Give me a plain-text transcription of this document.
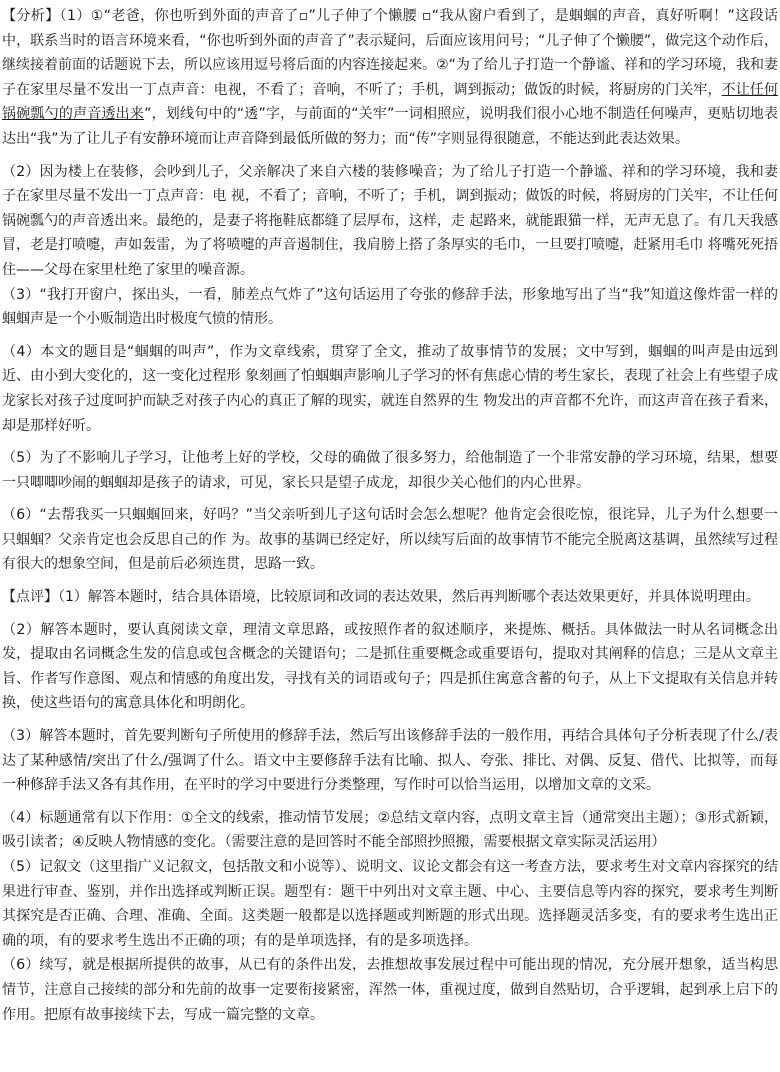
【分析】（1）①“老爸，你也听到外面的声音了▫”儿子伸了个懒腰 ▫“我从窗户看到了，是蝈蝈的声音，真好听啊！”这段话中，联系当时的语言环境来看，“你也听到外面的声音了”表示疑问，后面应该用问号；“儿子伸了个懒腰”，做完这个动作后，继续接着前面的话题说下去，所以应该用逗号将后面的内容连接起来。②“为了给儿子打造一个静谧、祥和的学习环境，我和妻子在家里尽量不发出一丁点声音：电视，不看了；音响，不听了；手机，调到振动；做饭的时候，将厨房的门关牢，不让任何锅碗瓢勺的声音透出来”，划线句中的“透”字，与前面的“关牢”一词相照应，说明我们很小心地不制造任何噪声，更贴切地表达出“我”为了让儿子有安静环境而让声音降到最低所做的努力；而“传”字则显得很随意，不能达到此表达效果。

（2）因为楼上在装修，会吵到儿子，父亲解决了来自六楼的装修噪音；为了给儿子打造一个静谧、祥和的学习环境，我和妻子在家里尽量不发出一丁点声音：电 视，不看了；音响，不听了；手机，调到振动；做饭的时候，将厨房的门关牢，不让任何锅碗瓢勺的声音透出来。最绝的，是妻子将拖鞋底都缝了层厚布，这样，走 起路来，就能跟猫一样，无声无息了。有几天我感冒，老是打喷嚏，声如轰雷，为了将喷嚏的声音遏制住，我肩膀上搭了条厚实的毛巾，一旦要打喷嚏，赶紧用毛巾 将嘴死死捂住——父母在家里杜绝了家里的噪音源。

（3）“我打开窗户，探出头，一看，肺差点气炸了”这句话运用了夸张的修辞手法，形象地写出了当“我”知道这像炸雷一样的蝈蝈声是一个小贩制造出时极度气愤的情形。

（4）本文的题目是“蝈蝈的叫声”，作为文章线索，贯穿了全文，推动了故事情节的发展；文中写到，蝈蝈的叫声是由远到近、由小到大变化的，这一变化过程形 象刻画了怕蝈蝈声影响儿子学习的怀有焦虑心情的考生家长，表现了社会上有些望子成龙家长对孩子过度呵护而缺乏对孩子内心的真正了解的现实，就连自然界的生 物发出的声音都不允许，而这声音在孩子看来，却是那样好听。

（5）为了不影响儿子学习，让他考上好的学校，父母的确做了很多努力，给他制造了一个非常安静的学习环境，结果，想要一只唧唧吵闹的蝈蝈却是孩子的请求，可见，家长只是望子成龙，却很少关心他们的内心世界。

（6）“去帮我买一只蝈蝈回来，好吗？”当父亲听到儿子这句话时会怎么想呢？他肯定会很吃惊，很诧异，儿子为什么想要一只蝈蝈？父亲肯定也会反思自己的作 为。故事的基调已经定好，所以续写后面的故事情节不能完全脱离这基调，虽然续写过程有很大的想象空间，但是前后必须连贯，思路一致。

【点评】（1）解答本题时，结合具体语境，比较原词和改词的表达效果，然后再判断哪个表达效果更好，并具体说明理由。

（2）解答本题时，要认真阅读文章，理清文章思路，或按照作者的叙述顺序，来提炼、概括。具体做法一时从名词概念出发，提取由名词概念生发的信息或包含概念的关键语句；二是抓住重要概念或重要语句，提取对其阐释的信息；三是从文章主旨、作者写作意图、观点和情感的角度出发，寻找有关的词语或句子；四是抓住寓意含蓄的句子，从上下文提取有关信息并转换，使这些语句的寓意具体化和明朗化。

（3）解答本题时，首先要判断句子所使用的修辞手法，然后写出该修辞手法的一般作用，再结合具体句子分析表现了什么/表达了某种感情/突出了什么/强调了什么。语文中主要修辞手法有比喻、拟人、夸张、排比、对偶、反复、借代、比拟等，而每一种修辞手法又各有其作用，在平时的学习中要进行分类整理，写作时可以恰当运用，以增加文章的文采。

（4）标题通常有以下作用：①全文的线索，推动情节发展；②总结文章内容，点明文章主旨（通常突出主题）；③形式新颖，吸引读者；④反映人物情感的变化。（需要注意的是回答时不能全部照抄照搬，需要根据文章实际灵活运用）

（5）记叙文（这里指广义记叙文，包括散文和小说等）、说明文、议论文都会有这一考查方法，要求考生对文章内容探究的结果进行审查、鉴别，并作出选择或判断正误。题型有：题干中列出对文章主题、中心、主要信息等内容的探究，要求考生判断其探究是否正确、合理、准确、全面。这类题一般都是以选择题或判断题的形式出现。选择题灵活多变，有的要求考生选出正确的项，有的要求考生选出不正确的项；有的是单项选择，有的是多项选择。

（6）续写，就是根据所提供的故事，从已有的条件出发，去推想故事发展过程中可能出现的情况，充分展开想象，适当构思情节，注意自己接续的部分和先前的故事一定要衔接紧密，浑然一体，重视过度，做到自然贴切，合乎逻辑，起到承上启下的作用。把原有故事接续下去，写成一篇完整的文章。
